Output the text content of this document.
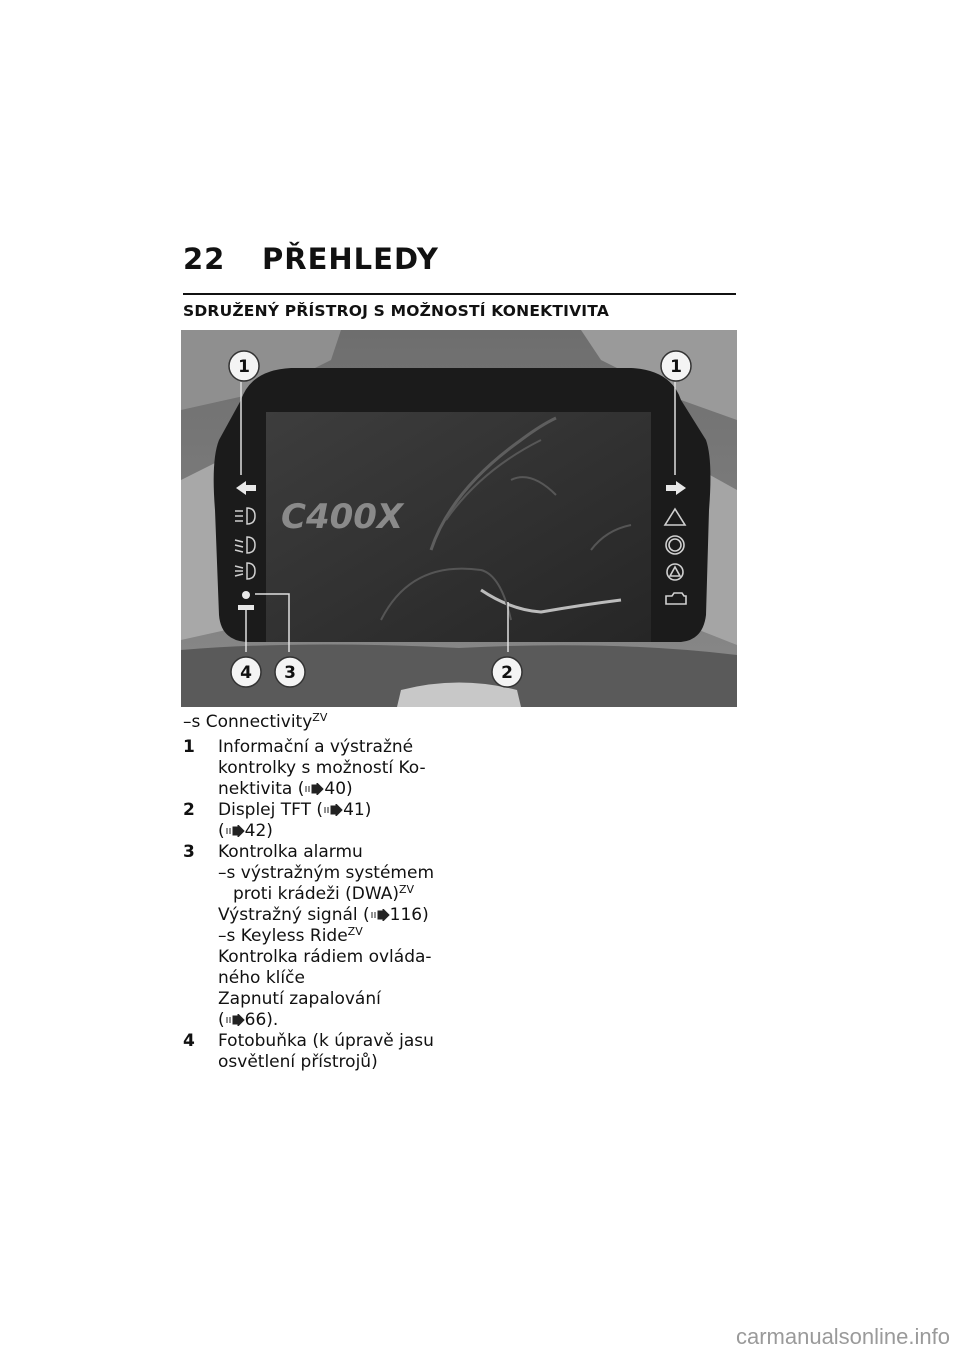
22 PŘEHLEDY
SDRUŽENÝ PŘÍSTROJ S MOŽNOSTÍ KONEKTIVITA
C400X
1	1
2
3
4
–s Connectivity$^{ZV}$
1 Informační a výstražné
kontrolky s možností Ko-
nektivita ( 40)
2 Displej TFT ( 41)
( 42)
3 Kontrolka alarmu
–s výstražným systémem
proti krádeži (DWA)$^{ZV}$
Výstražný signál ( 116)
–s Keyless Ride$^{ZV}$
Kontrolka rádiem ovláda-
ného klíče
Zapnutí zapalování
( 66).
4 Fotobuňka (k úpravě jasu
osvětlení přístrojů)
carmanualsonline.info
